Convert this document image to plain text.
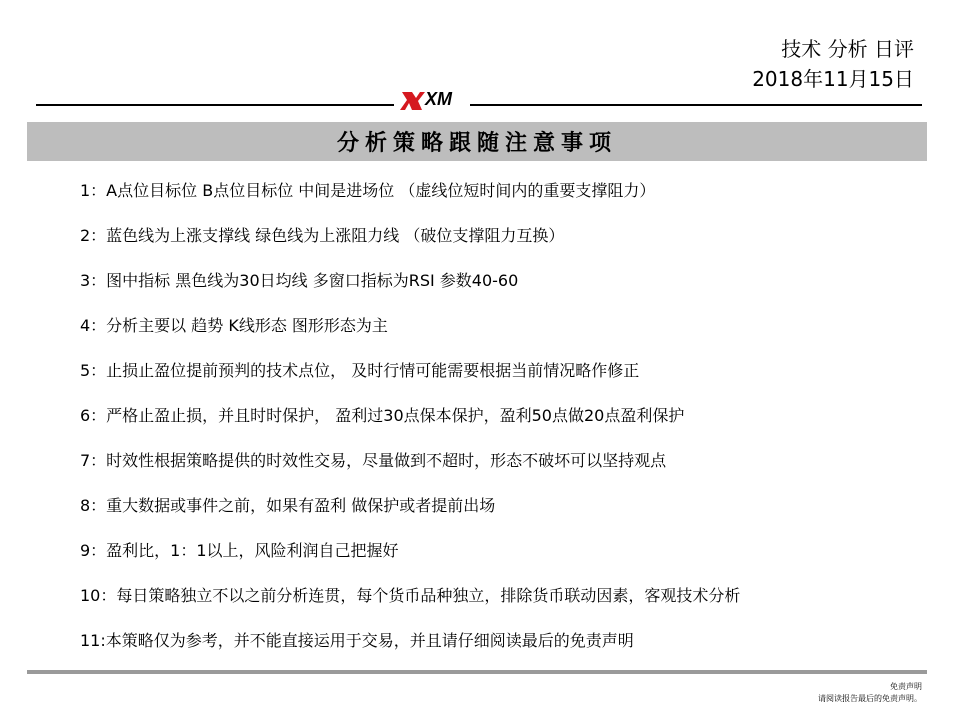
技术 分析 日评
2018年11月15日
XM
分析策略跟随注意事项
1：A点位目标位 B点位目标位 中间是进场位 （虚线位短时间内的重要支撑阻力）
2：蓝色线为上涨支撑线 绿色线为上涨阻力线 （破位支撑阻力互换）
3：图中指标 黑色线为30日均线 多窗口指标为RSI 参数40-60
4：分析主要以 趋势 K线形态 图形形态为主
5：止损止盈位提前预判的技术点位， 及时行情可能需要根据当前情况略作修正
6：严格止盈止损，并且时时保护， 盈利过30点保本保护，盈利50点做20点盈利保护
7：时效性根据策略提供的时效性交易，尽量做到不超时，形态不破坏可以坚持观点
8：重大数据或事件之前，如果有盈利 做保护或者提前出场
9：盈利比，1：1以上，风险利润自己把握好
10：每日策略独立不以之前分析连贯，每个货币品种独立，排除货币联动因素，客观技术分析
11:本策略仅为参考，并不能直接运用于交易，并且请仔细阅读最后的免责声明
免责声明
请阅读报告最后的免责声明。
